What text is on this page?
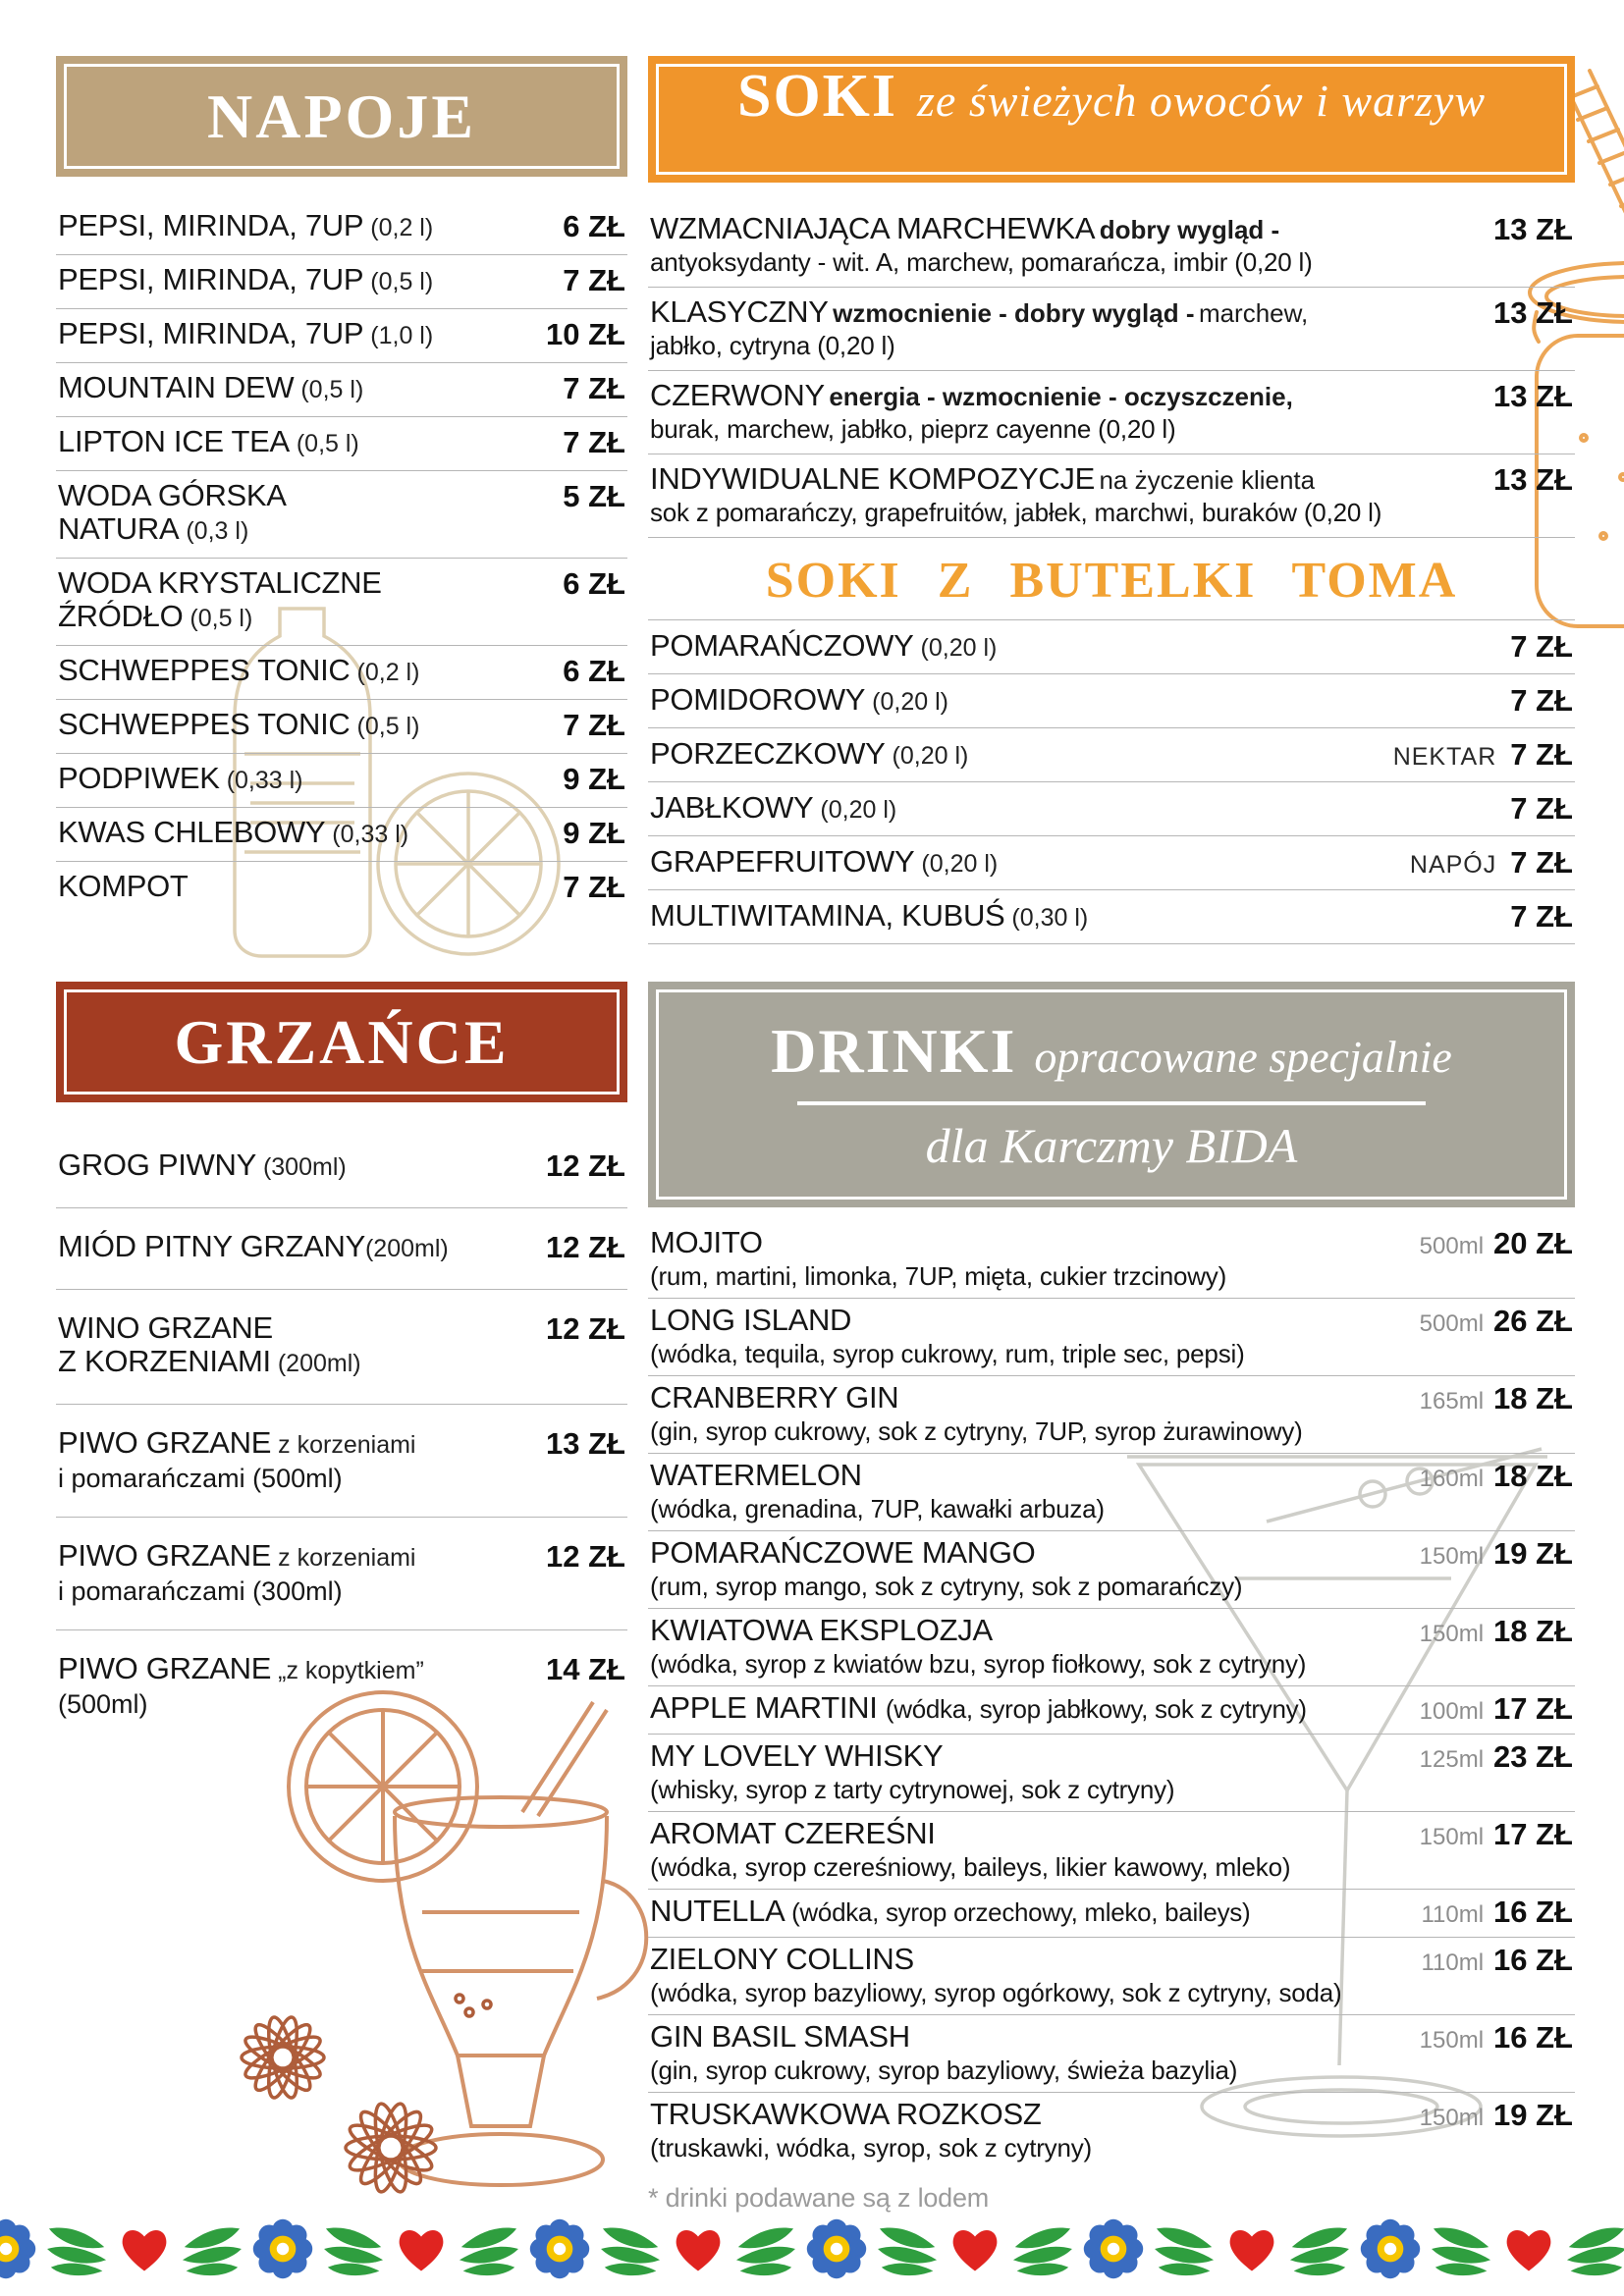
NAPOJE
PEPSI, MIRINDA, 7UP (0,2 l)	6 ZŁ
PEPSI, MIRINDA, 7UP (0,5 l)	7 ZŁ
PEPSI, MIRINDA, 7UP (1,0 l)	10 ZŁ
MOUNTAIN DEW (0,5 l)	7 ZŁ
LIPTON ICE TEA (0,5 l)	7 ZŁ
WODA GÓRSKA
NATURA (0,3 l)
5 ZŁ
WODA KRYSTALICZNE
ŹRÓDŁO (0,5 l)
6 ZŁ
SCHWEPPES TONIC (0,2 l)	6 ZŁ
SCHWEPPES TONIC (0,5 l)	7 ZŁ
PODPIWEK (0,33 l)	9 ZŁ
KWAS CHLEBOWY (0,33 l)	9 ZŁ
KOMPOT	7 ZŁ
GRZAŃCE
GROG PIWNY (300ml)	12 ZŁ
MIÓD PITNY GRZANY(200ml)	12 ZŁ
WINO GRZANE
Z KORZENIAMI (200ml)
12 ZŁ
PIWO GRZANE z korzeniami
i pomarańczami (500ml)
13 ZŁ
PIWO GRZANE z korzeniami
i pomarańczami (300ml)
12 ZŁ
PIWO GRZANE „z kopytkiem”
(500ml)
14 ZŁ
SOKI ze świeżych owoców i warzyw
WZMACNIAJĄCA MARCHEWKA dobry wygląd -
antyoksydanty - wit. A, marchew, pomarańcza, imbir (0,20 l)
13 ZŁ
KLASYCZNY wzmocnienie - dobry wygląd - marchew,
jabłko, cytryna (0,20 l)
13 ZŁ
CZERWONY energia - wzmocnienie - oczyszczenie,
burak, marchew, jabłko, pieprz cayenne (0,20 l)
13 ZŁ
INDYWIDUALNE KOMPOZYCJE na życzenie klienta
sok z pomarańczy, grapefruitów, jabłek, marchwi, buraków (0,20 l)
13 ZŁ
SOKI Z BUTELKI TOMA
POMARAŃCZOWY (0,20 l)	7 ZŁ
POMIDOROWY (0,20 l)	7 ZŁ
PORZECZKOWY (0,20 l)	NEKTAR 7 ZŁ
JABŁKOWY (0,20 l)	7 ZŁ
GRAPEFRUITOWY (0,20 l)	NAPÓJ 7 ZŁ
MULTIWITAMINA, KUBUŚ (0,30 l)	7 ZŁ
DRINKI opracowane specjalnie
dla Karczmy BIDA
MOJITO
(rum, martini, limonka, 7UP, mięta, cukier trzcinowy)
500ml 20 ZŁ
LONG ISLAND
(wódka, tequila, syrop cukrowy, rum, triple sec, pepsi)
500ml 26 ZŁ
CRANBERRY GIN
(gin, syrop cukrowy, sok z cytryny, 7UP, syrop żurawinowy)
165ml 18 ZŁ
WATERMELON
(wódka, grenadina, 7UP, kawałki arbuza)
160ml 18 ZŁ
POMARAŃCZOWE MANGO
(rum, syrop mango, sok z cytryny, sok z pomarańczy)
150ml 19 ZŁ
KWIATOWA EKSPLOZJA
(wódka, syrop z kwiatów bzu, syrop fiołkowy, sok z cytryny)
150ml 18 ZŁ
APPLE MARTINI (wódka, syrop jabłkowy, sok z cytryny)	100ml 17 ZŁ
MY LOVELY WHISKY
(whisky, syrop z tarty cytrynowej, sok z cytryny)
125ml 23 ZŁ
AROMAT CZEREŚNI
(wódka, syrop czereśniowy, baileys, likier kawowy, mleko)
150ml 17 ZŁ
NUTELLA (wódka, syrop orzechowy, mleko, baileys)	110ml 16 ZŁ
ZIELONY COLLINS
(wódka, syrop bazyliowy, syrop ogórkowy, sok z cytryny, soda)
110ml 16 ZŁ
GIN BASIL SMASH
(gin, syrop cukrowy, syrop bazyliowy, świeża bazylia)
150ml 16 ZŁ
TRUSKAWKOWA ROZKOSZ
(truskawki, wódka, syrop, sok z cytryny)
150ml 19 ZŁ
* drinki podawane są z lodem
